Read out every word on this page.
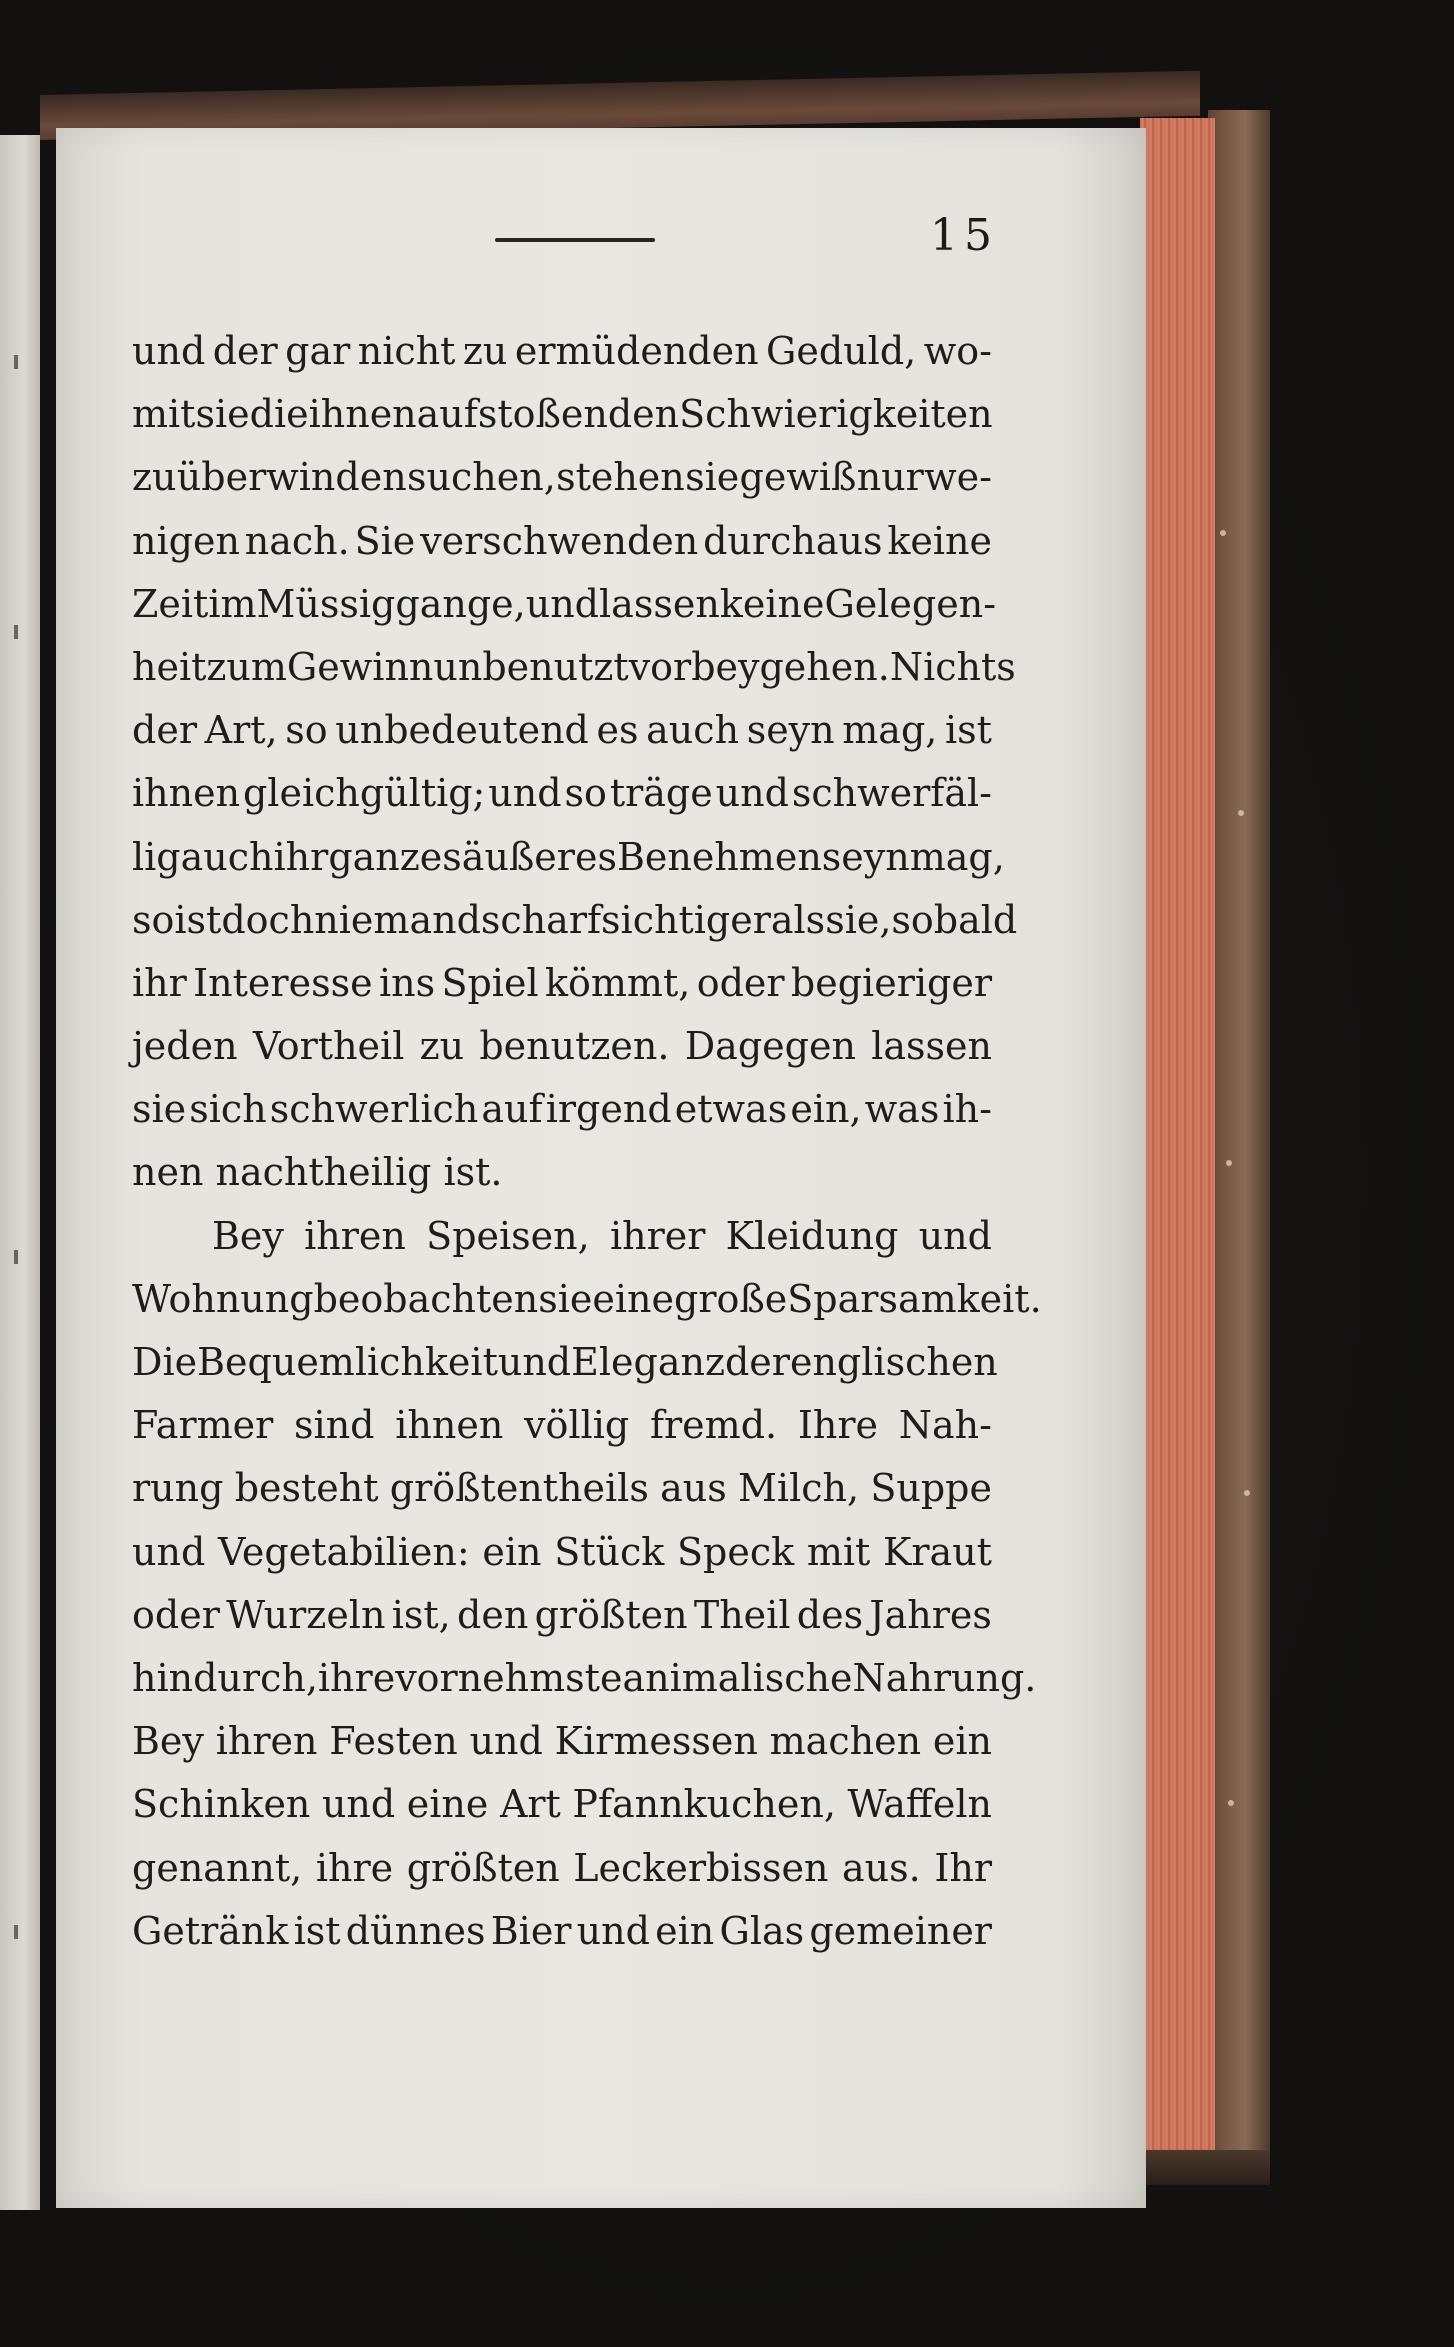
15
und der gar nicht zu ermüdenden Geduld, wo-
mit sie die ihnen aufstoßenden Schwierigkeiten
zu überwinden suchen, stehen sie gewiß nur we-
nigen nach. Sie verschwenden durchaus keine
Zeit im Müssiggange, und lassen keine Gelegen-
heit zum Gewinn unbenutzt vorbeygehen. Nichts
der Art, so unbedeutend es auch seyn mag, ist
ihnen gleichgültig; und so träge und schwerfäl-
lig auch ihr ganzes äußeres Benehmen seyn mag,
so ist doch niemand scharfsichtiger als sie, sobald
ihr Interesse ins Spiel kömmt, oder begieriger
jeden Vortheil zu benutzen. Dagegen lassen
sie sich schwerlich auf irgend etwas ein, was ih-
nen nachtheilig ist.
Bey ihren Speisen, ihrer Kleidung und
Wohnung beobachten sie eine große Sparsamkeit.
Die Bequemlichkeit und Eleganz der englischen
Farmer sind ihnen völlig fremd. Ihre Nah-
rung besteht größtentheils aus Milch, Suppe
und Vegetabilien: ein Stück Speck mit Kraut
oder Wurzeln ist, den größten Theil des Jahres
hindurch, ihre vornehmste animalische Nahrung.
Bey ihren Festen und Kirmessen machen ein
Schinken und eine Art Pfannkuchen, Waffeln
genannt, ihre größten Leckerbissen aus. Ihr
Getränk ist dünnes Bier und ein Glas gemeiner
